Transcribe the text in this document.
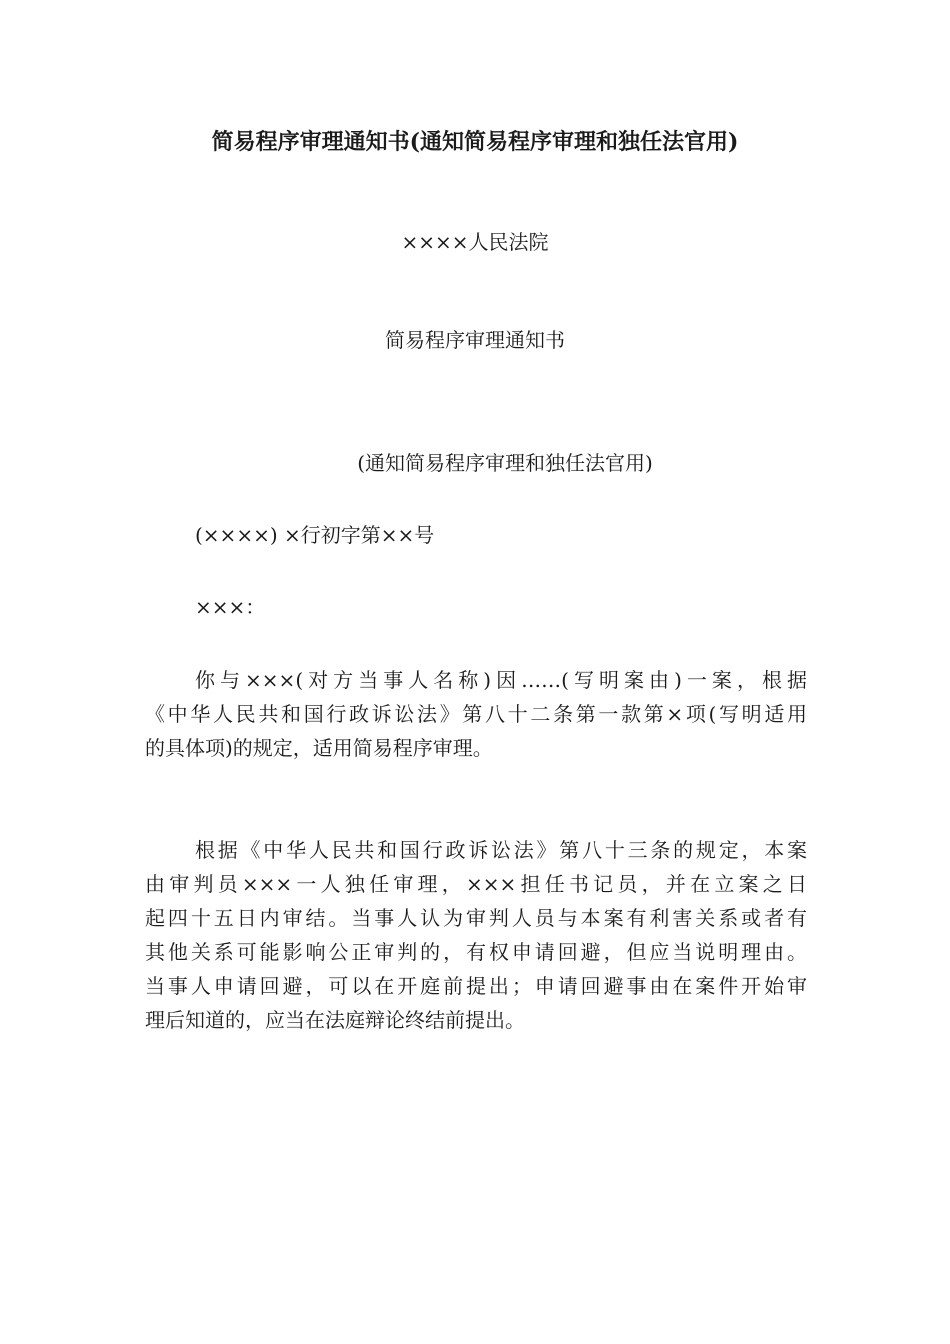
简易程序审理通知书(通知简易程序审理和独任法官用)

××××人民法院

简易程序审理通知书

(通知简易程序审理和独任法官用)

(××××) ×行初字第××号

×××：

你与×××(对方当事人名称)因……(写明案由)一案，根据
《中华人民共和国行政诉讼法》第八十二条第一款第×项(写明适用
的具体项)的规定，适用简易程序审理。
根据《中华人民共和国行政诉讼法》第八十三条的规定，本案
由审判员×××一人独任审理，×××担任书记员，并在立案之日
起四十五日内审结。当事人认为审判人员与本案有利害关系或者有
其他关系可能影响公正审判的，有权申请回避，但应当说明理由。
当事人申请回避，可以在开庭前提出；申请回避事由在案件开始审
理后知道的，应当在法庭辩论终结前提出。
